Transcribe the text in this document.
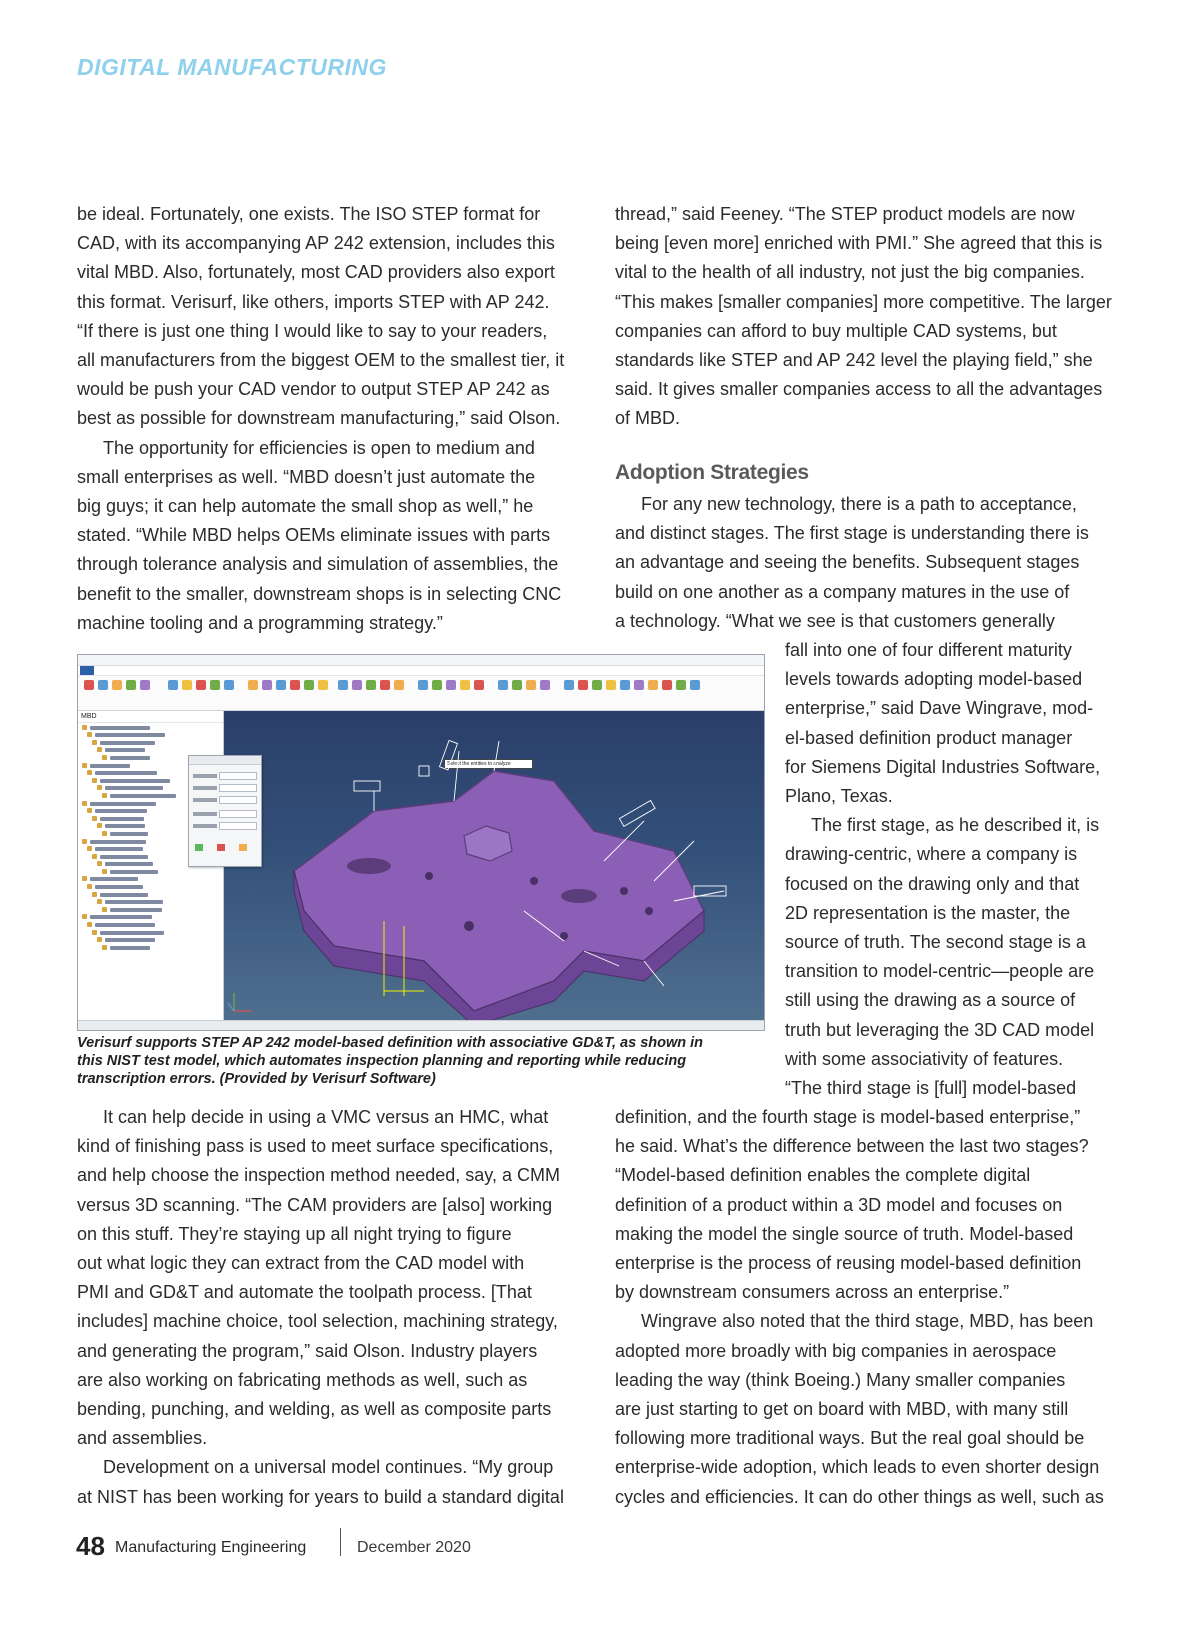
DIGITAL MANUFACTURING
be ideal. Fortunately, one exists. The ISO STEP format for
CAD, with its accompanying AP 242 extension, includes this
vital MBD. Also, fortunately, most CAD providers also export
this format. Verisurf, like others, imports STEP with AP 242.
“If there is just one thing I would like to say to your readers,
all manufacturers from the biggest OEM to the smallest tier, it
would be push your CAD vendor to output STEP AP 242 as
best as possible for downstream manufacturing,” said Olson.
The opportunity for efficiencies is open to medium and
small enterprises as well. “MBD doesn’t just automate the
big guys; it can help automate the small shop as well,” he
stated. “While MBD helps OEMs eliminate issues with parts
through tolerance analysis and simulation of assemblies, the
benefit to the smaller, downstream shops is in selecting CNC
machine tooling and a programming strategy.”
thread,” said Feeney. “The STEP product models are now
being [even more] enriched with PMI.” She agreed that this is
vital to the health of all industry, not just the big companies.
“This makes [smaller companies] more competitive. The larger
companies can afford to buy multiple CAD systems, but
standards like STEP and AP 242 level the playing field,” she
said. It gives smaller companies access to all the advantages
of MBD.
Adoption Strategies
For any new technology, there is a path to acceptance,
and distinct stages. The first stage is understanding there is
an advantage and seeing the benefits. Subsequent stages
build on one another as a company matures in the use of
a technology. “What we see is that customers generally
fall into one of four different maturity
levels towards adopting model-based
enterprise,” said Dave Wingrave, mod-
el-based definition product manager
for Siemens Digital Industries Software,
Plano, Texas.
The first stage, as he described it, is
drawing-centric, where a company is
focused on the drawing only and that
2D representation is the master, the
source of truth. The second stage is a
transition to model-centric—people are
still using the drawing as a source of
truth but leveraging the 3D CAD model
with some associativity of features.
“The third stage is [full] model-based
definition, and the fourth stage is model-based enterprise,”
he said. What’s the difference between the last two stages?
“Model-based definition enables the complete digital
definition of a product within a 3D model and focuses on
making the model the single source of truth. Model-based
enterprise is the process of reusing model-based definition
by downstream consumers across an enterprise.”
Wingrave also noted that the third stage, MBD, has been
adopted more broadly with big companies in aerospace
leading the way (think Boeing.) Many smaller companies
are just starting to get on board with MBD, with many still
following more traditional ways. But the real goal should be
enterprise-wide adoption, which leads to even shorter design
cycles and efficiencies. It can do other things as well, such as
It can help decide in using a VMC versus an HMC, what
kind of finishing pass is used to meet surface specifications,
and help choose the inspection method needed, say, a CMM
versus 3D scanning. “The CAM providers are [also] working
on this stuff. They’re staying up all night trying to figure
out what logic they can extract from the CAD model with
PMI and GD&T and automate the toolpath process. [That
includes] machine choice, tool selection, machining strategy,
and generating the program,” said Olson. Industry players
are also working on fabricating methods as well, such as
bending, punching, and welding, as well as composite parts
and assemblies.
Development on a universal model continues. “My group
at NIST has been working for years to build a standard digital
MBD
Select the entities to analyze
Verisurf supports STEP AP 242 model-based definition with associative GD&T, as shown in
this NIST test model, which automates inspection planning and reporting while reducing
transcription errors. (Provided by Verisurf Software)
48 Manufacturing Engineering	December 2020
